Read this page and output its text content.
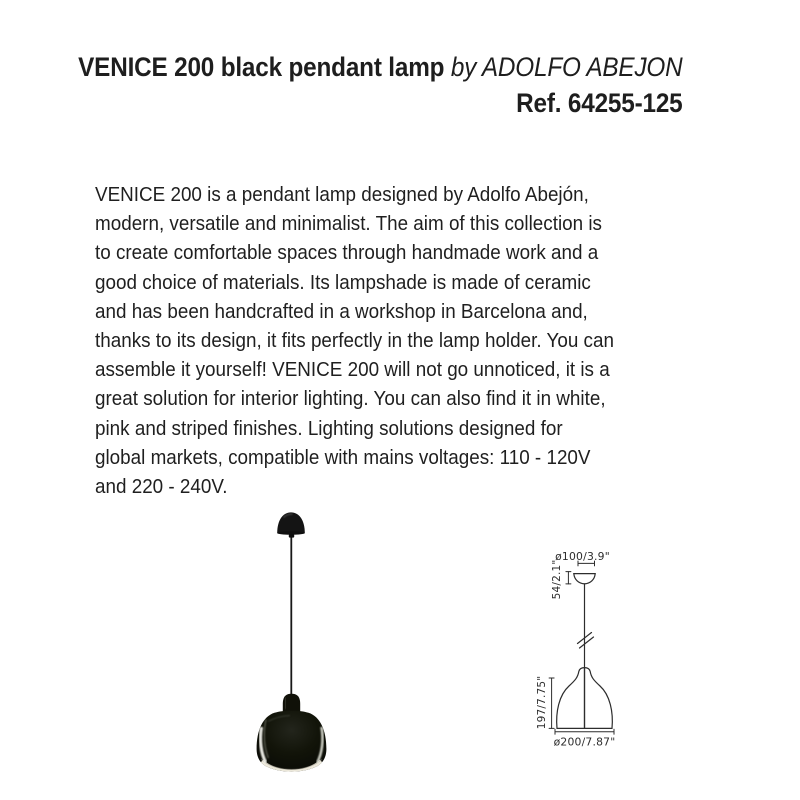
VENICE 200 black pendant lamp by ADOLFO ABEJON
Ref. 64255-125
VENICE 200 is a pendant lamp designed by Adolfo Abejón,
modern, versatile and minimalist. The aim of this collection is
to create comfortable spaces through handmade work and a
good choice of materials. Its lampshade is made of ceramic
and has been handcrafted in a workshop in Barcelona and,
thanks to its design, it fits perfectly in the lamp holder. You can
assemble it yourself! VENICE 200 will not go unnoticed, it is a
great solution for interior lighting. You can also find it in white,
pink and striped finishes. Lighting solutions designed for
global markets, compatible with mains voltages: 110 - 120V
and 220 - 240V.
ø100/3.9"
54/2.1"
197/7.75"
ø200/7.87"
